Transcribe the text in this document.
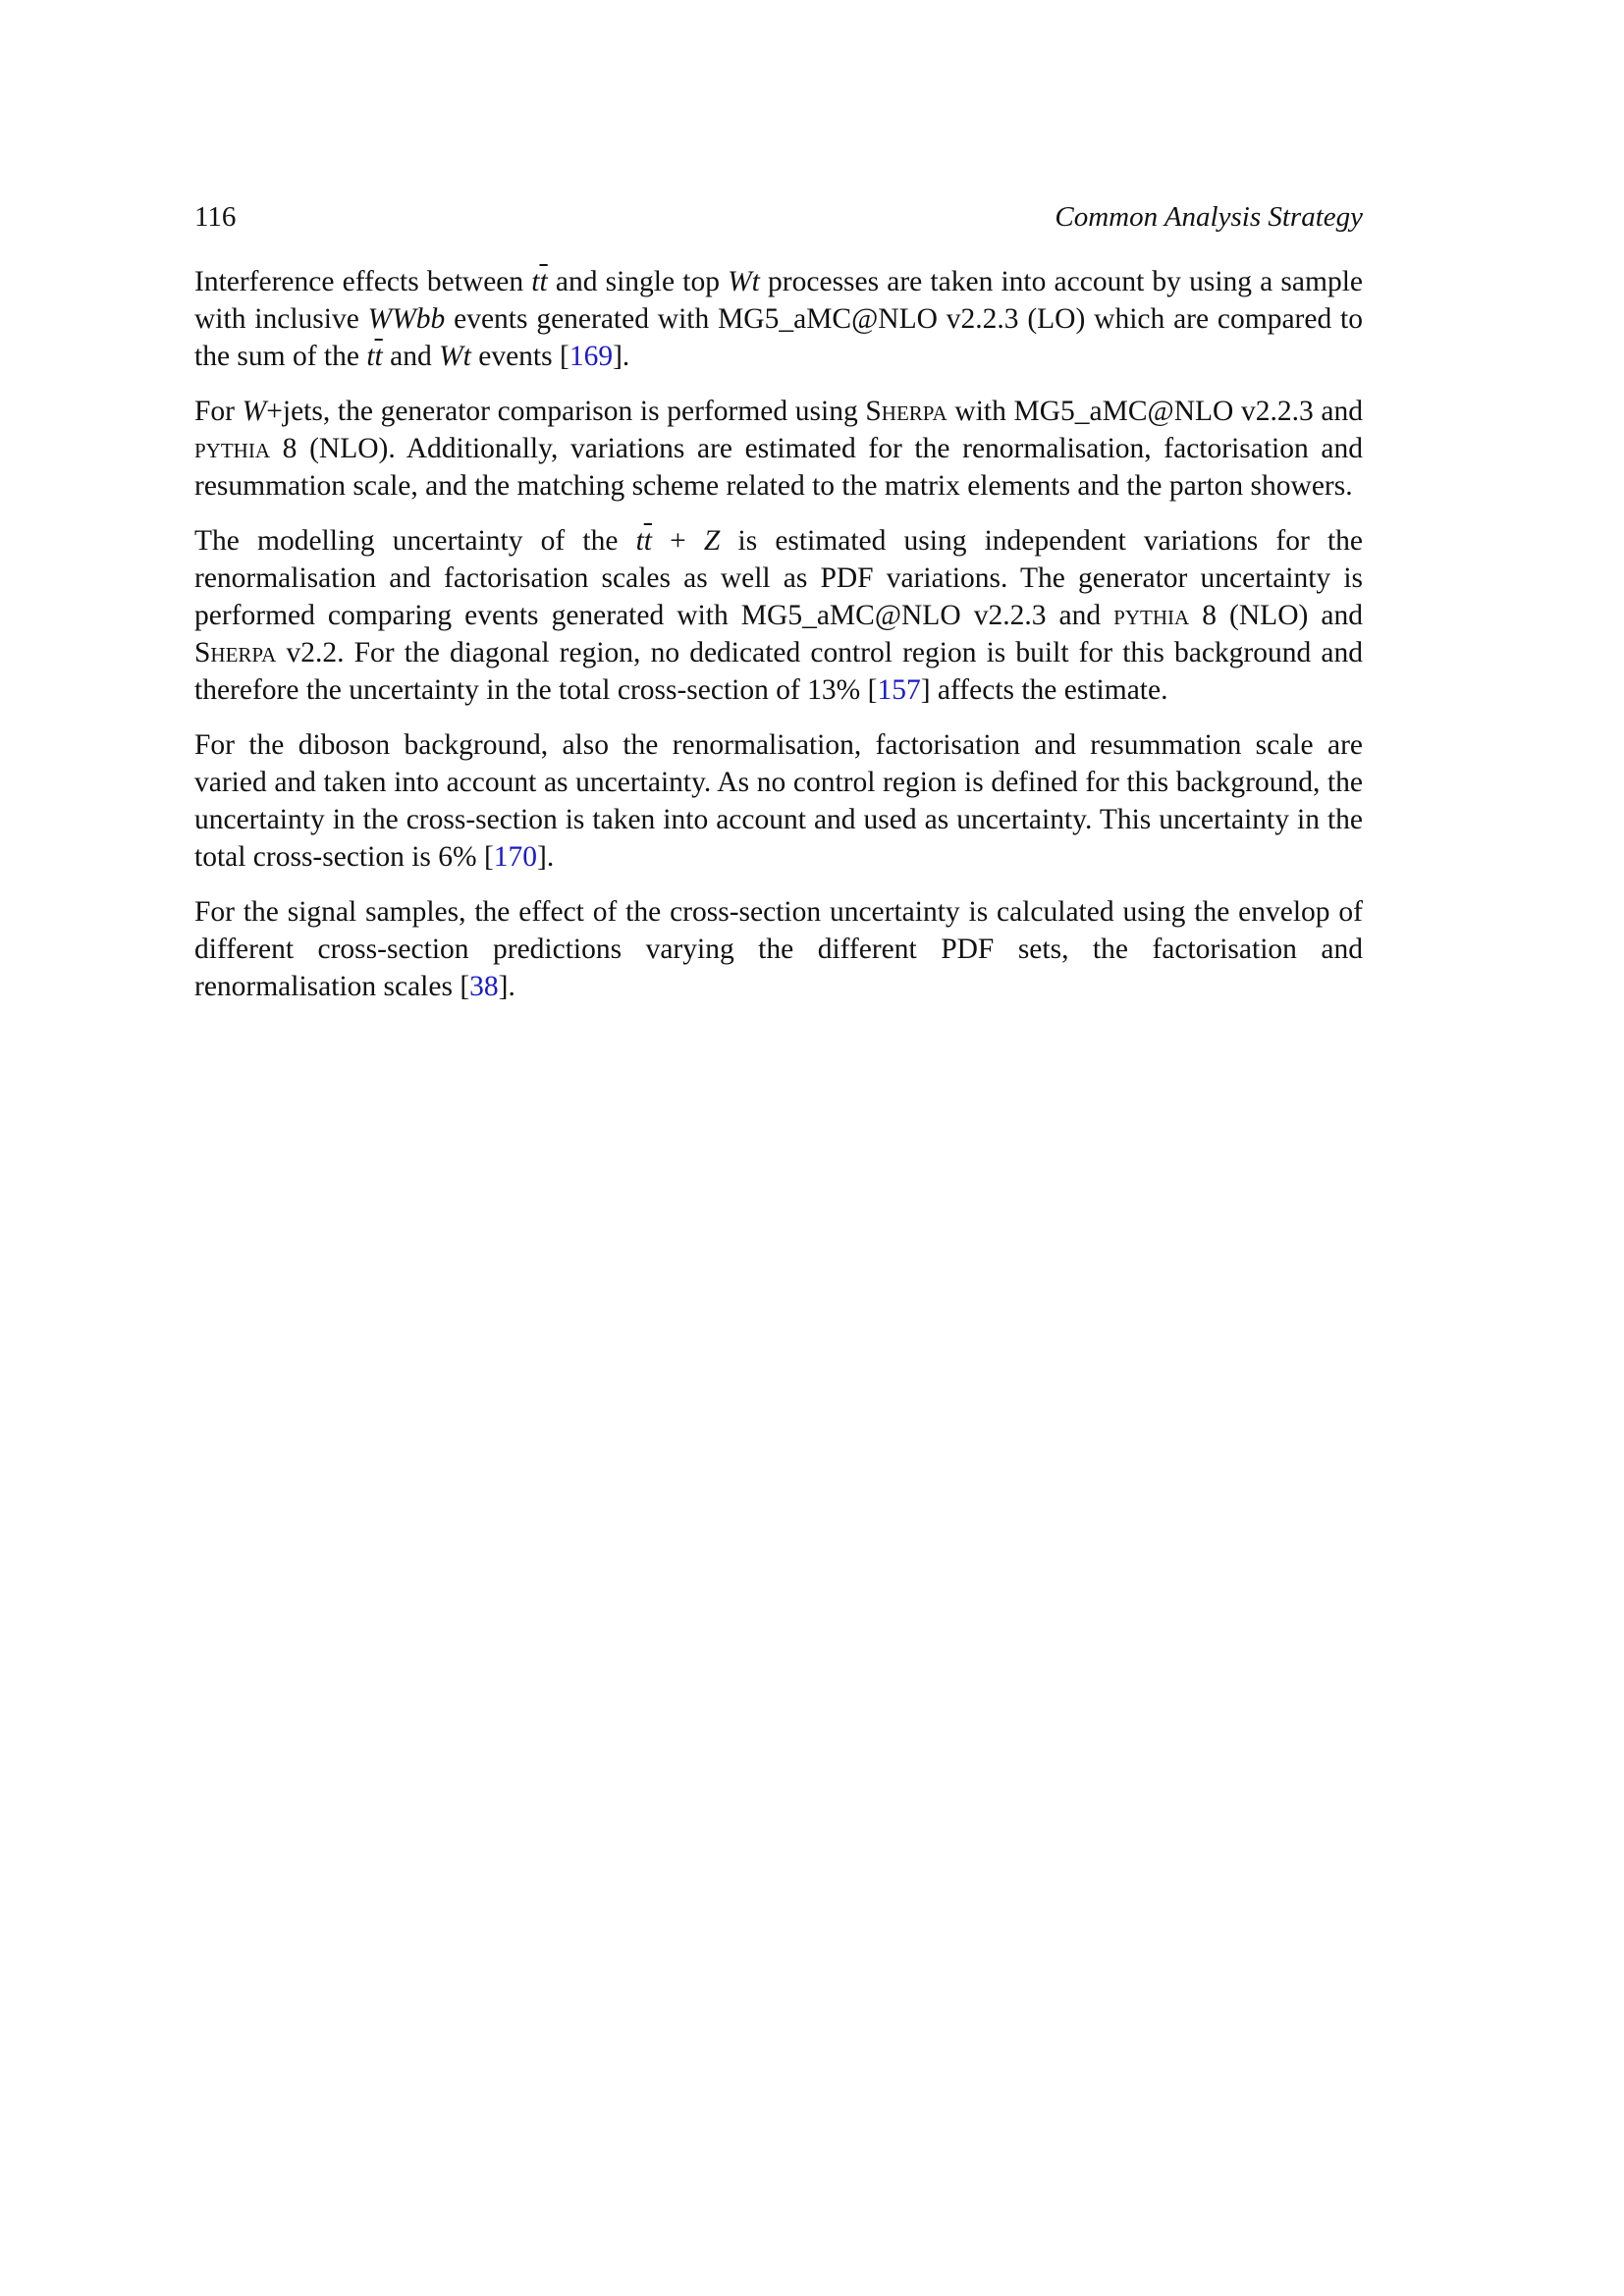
116	Common Analysis Strategy

Interference effects between $t\overline{t}$ and single top Wt processes are taken into account by using a sample with inclusive WWbb events generated with MG5_aMC@NLO v2.2.3 (LO) which are compared to the sum of the $t\overline{t}$ and Wt events [169].

For W+jets, the generator comparison is performed using Sherpa with MG5_aMC@NLO v2.2.3 and pythia 8 (NLO). Additionally, variations are estimated for the renormalisation, factorisation and resummation scale, and the matching scheme related to the matrix elements and the parton showers.

The modelling uncertainty of the $t\overline{t} + Z$ is estimated using independent variations for the renormalisation and factorisation scales as well as PDF variations. The generator uncertainty is performed comparing events generated with MG5_aMC@NLO v2.2.3 and pythia 8 (NLO) and Sherpa v2.2. For the diagonal region, no dedicated control region is built for this background and therefore the uncertainty in the total cross-section of 13% [157] affects the estimate.

For the diboson background, also the renormalisation, factorisation and resummation scale are varied and taken into account as uncertainty. As no control region is defined for this background, the uncertainty in the cross-section is taken into account and used as uncertainty. This uncertainty in the total cross-section is 6% [170].

For the signal samples, the effect of the cross-section uncertainty is calculated using the envelop of different cross-section predictions varying the different PDF sets, the factorisation and renormalisation scales [38].
